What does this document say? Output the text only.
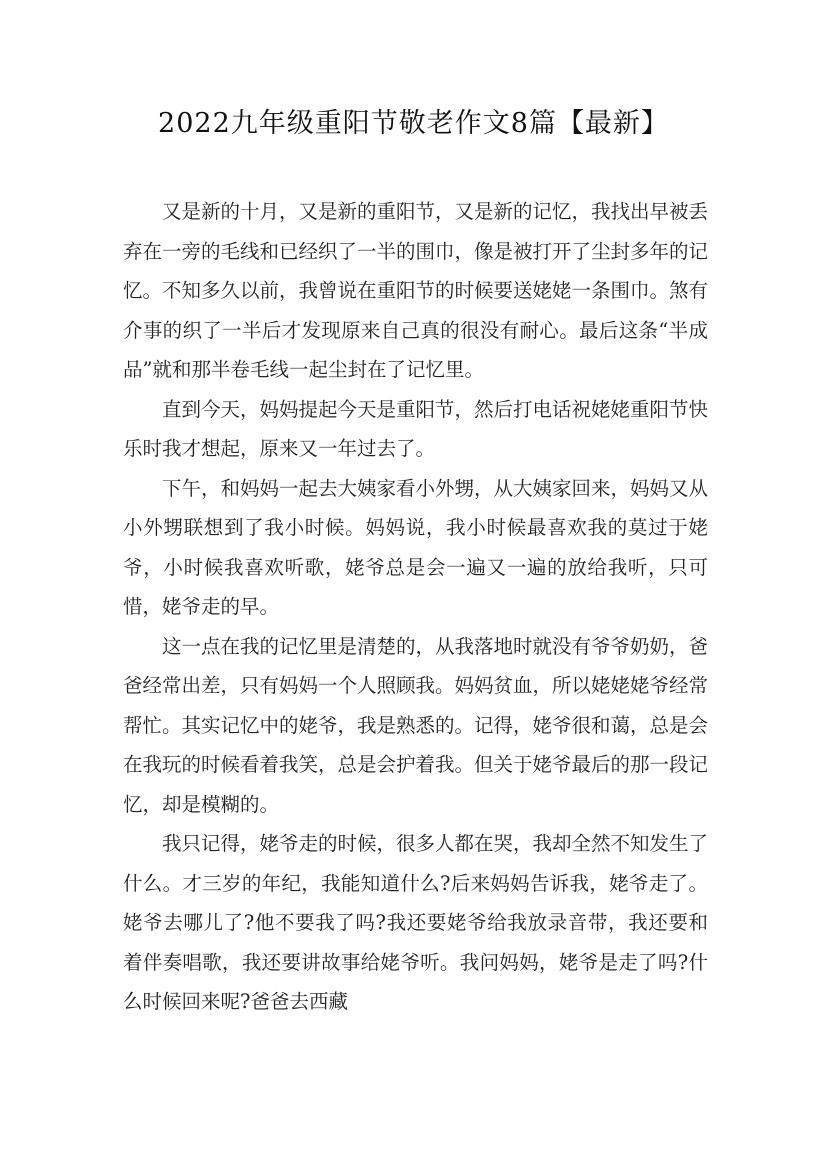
2022九年级重阳节敬老作文8篇【最新】

又是新的十月，又是新的重阳节，又是新的记忆，我找出早被丢弃在一旁的毛线和已经织了一半的围巾，像是被打开了尘封多年的记忆。不知多久以前，我曾说在重阳节的时候要送姥姥一条围巾。煞有介事的织了一半后才发现原来自己真的很没有耐心。最后这条“半成品”就和那半卷毛线一起尘封在了记忆里。

直到今天，妈妈提起今天是重阳节，然后打电话祝姥姥重阳节快乐时我才想起，原来又一年过去了。

下午，和妈妈一起去大姨家看小外甥，从大姨家回来，妈妈又从小外甥联想到了我小时候。妈妈说，我小时候最喜欢我的莫过于姥爷，小时候我喜欢听歌，姥爷总是会一遍又一遍的放给我听，只可惜，姥爷走的早。

这一点在我的记忆里是清楚的，从我落地时就没有爷爷奶奶，爸爸经常出差，只有妈妈一个人照顾我。妈妈贫血，所以姥姥姥爷经常帮忙。其实记忆中的姥爷，我是熟悉的。记得，姥爷很和蔼，总是会在我玩的时候看着我笑，总是会护着我。但关于姥爷最后的那一段记忆，却是模糊的。

我只记得，姥爷走的时候，很多人都在哭，我却全然不知发生了什么。才三岁的年纪，我能知道什么?后来妈妈告诉我，姥爷走了。姥爷去哪儿了?他不要我了吗?我还要姥爷给我放录音带，我还要和着伴奏唱歌，我还要讲故事给姥爷听。我问妈妈，姥爷是走了吗?什么时候回来呢?爸爸去西藏
